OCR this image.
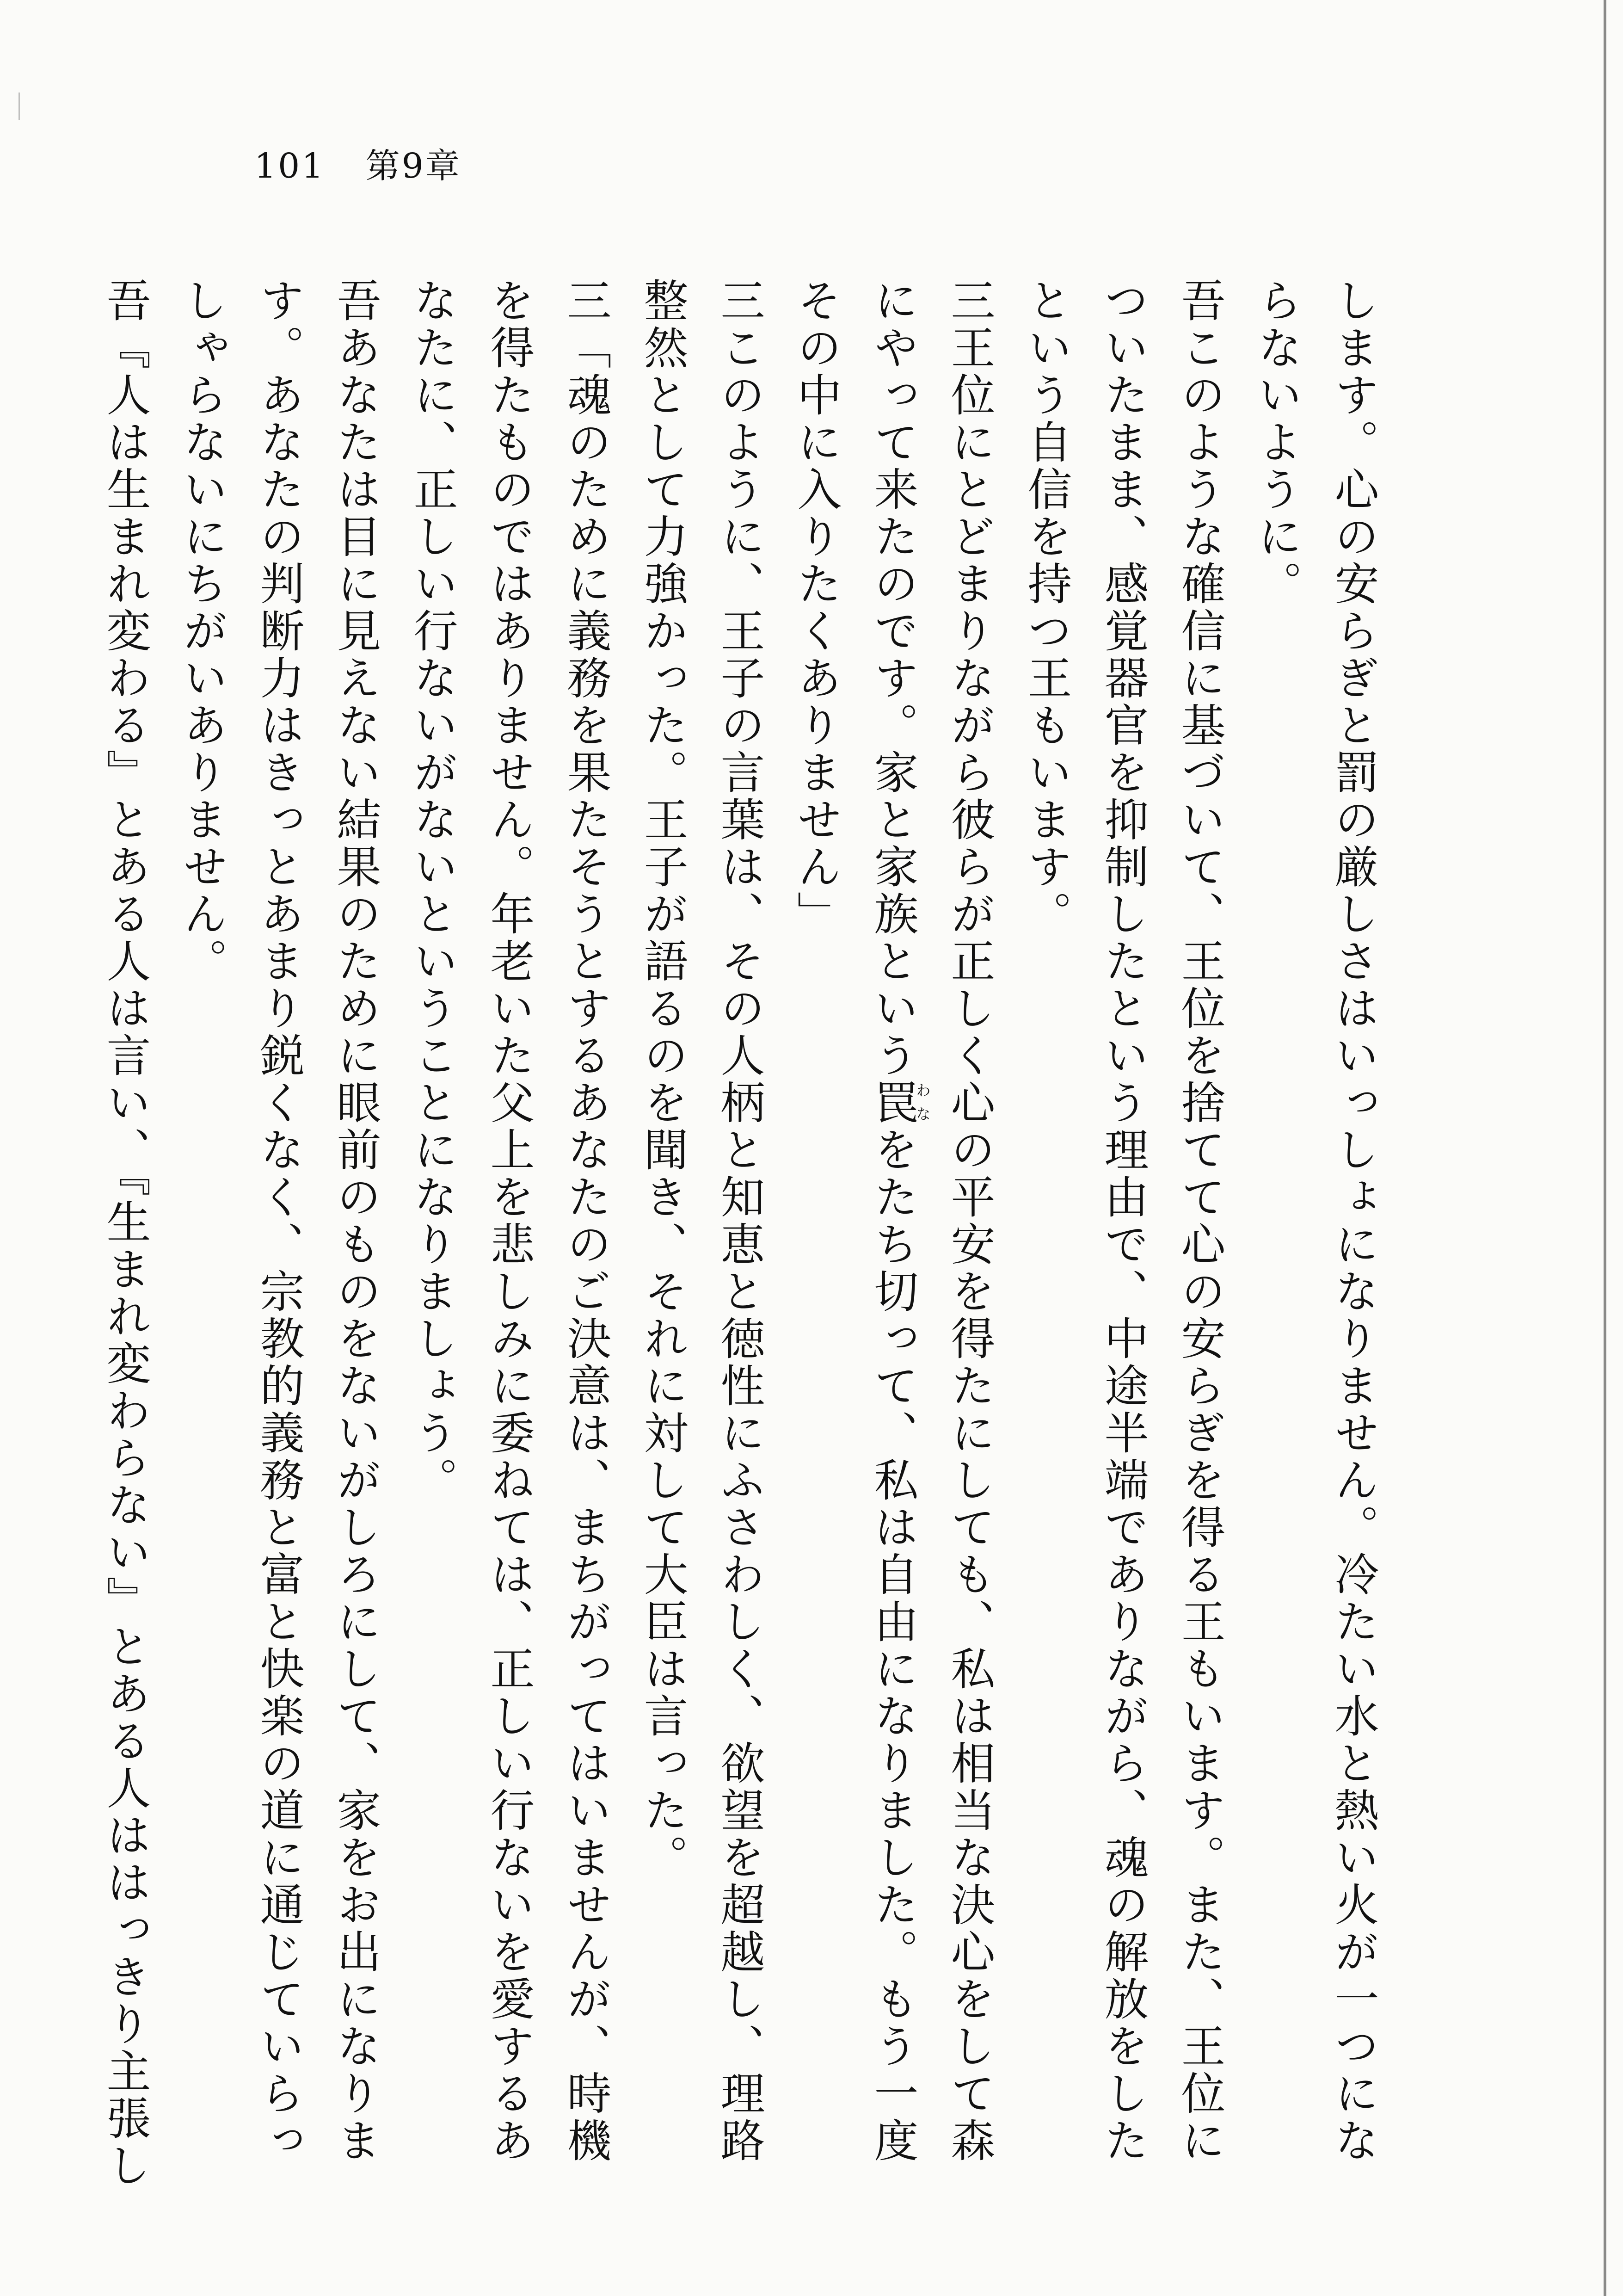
101 第9章
します。心の安らぎと罰の厳しさはいっしょになりません。冷たい水と熱い火が一つにな
らないように。
吾このような確信に基づいて、王位を捨てて心の安らぎを得る王もいます。また、王位に
ついたまま、感覚器官を抑制したという理由で、中途半端でありながら、魂の解放をした
という自信を持つ王もいます。
三王位にとどまりながら彼らが正しく心の平安を得たにしても、私は相当な決心をして森
にやって来たのです。家と家族という罠わなをたち切って、私は自由になりました。もう一度
その中に入りたくありません」
三このように、王子の言葉は、その人柄と知恵と徳性にふさわしく、欲望を超越し、理路
整然として力強かった。王子が語るのを聞き、それに対して大臣は言った。
三「魂のために義務を果たそうとするあなたのご決意は、まちがってはいませんが、時機
を得たものではありません。年老いた父上を悲しみに委ねては、正しい行ないを愛するあ
なたに、正しい行ないがないということになりましょう。
吾あなたは目に見えない結果のために眼前のものをないがしろにして、家をお出になりま
す。あなたの判断力はきっとあまり鋭くなく、宗教的義務と富と快楽の道に通じていらっ
しゃらないにちがいありません。
吾『人は生まれ変わる』とある人は言い、『生まれ変わらない』とある人ははっきり主張し
